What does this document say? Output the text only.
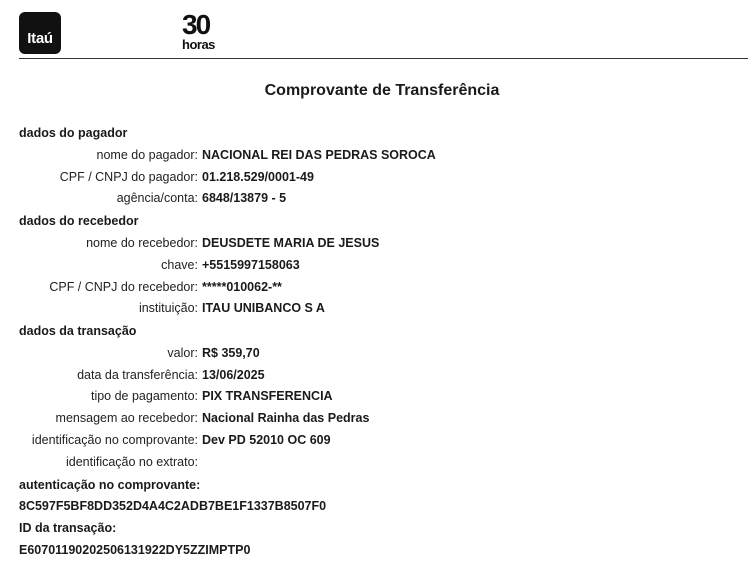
Itaú	30
horas
Comprovante de Transferência

dados do pagador

nome do pagador: NACIONAL REI DAS PEDRAS SOROCA
CPF / CNPJ do pagador: 01.218.529/0001-49
agência/conta: 6848/13879 - 5

dados do recebedor

nome do recebedor: DEUSDETE MARIA DE JESUS
chave: +5515997158063
CPF / CNPJ do recebedor: *****010062-**
instituição: ITAU UNIBANCO S A

dados da transação

valor: R$ 359,70
data da transferência: 13/06/2025
tipo de pagamento: PIX TRANSFERENCIA
mensagem ao recebedor: Nacional Rainha das Pedras
identificação no comprovante: Dev PD 52010 OC 609
identificação no extrato:
autenticação no comprovante:
8C597F5BF8DD352D4A4C2ADB7BE1F1337B8507F0
ID da transação:
E60701190202506131922DY5ZZIMPTP0
